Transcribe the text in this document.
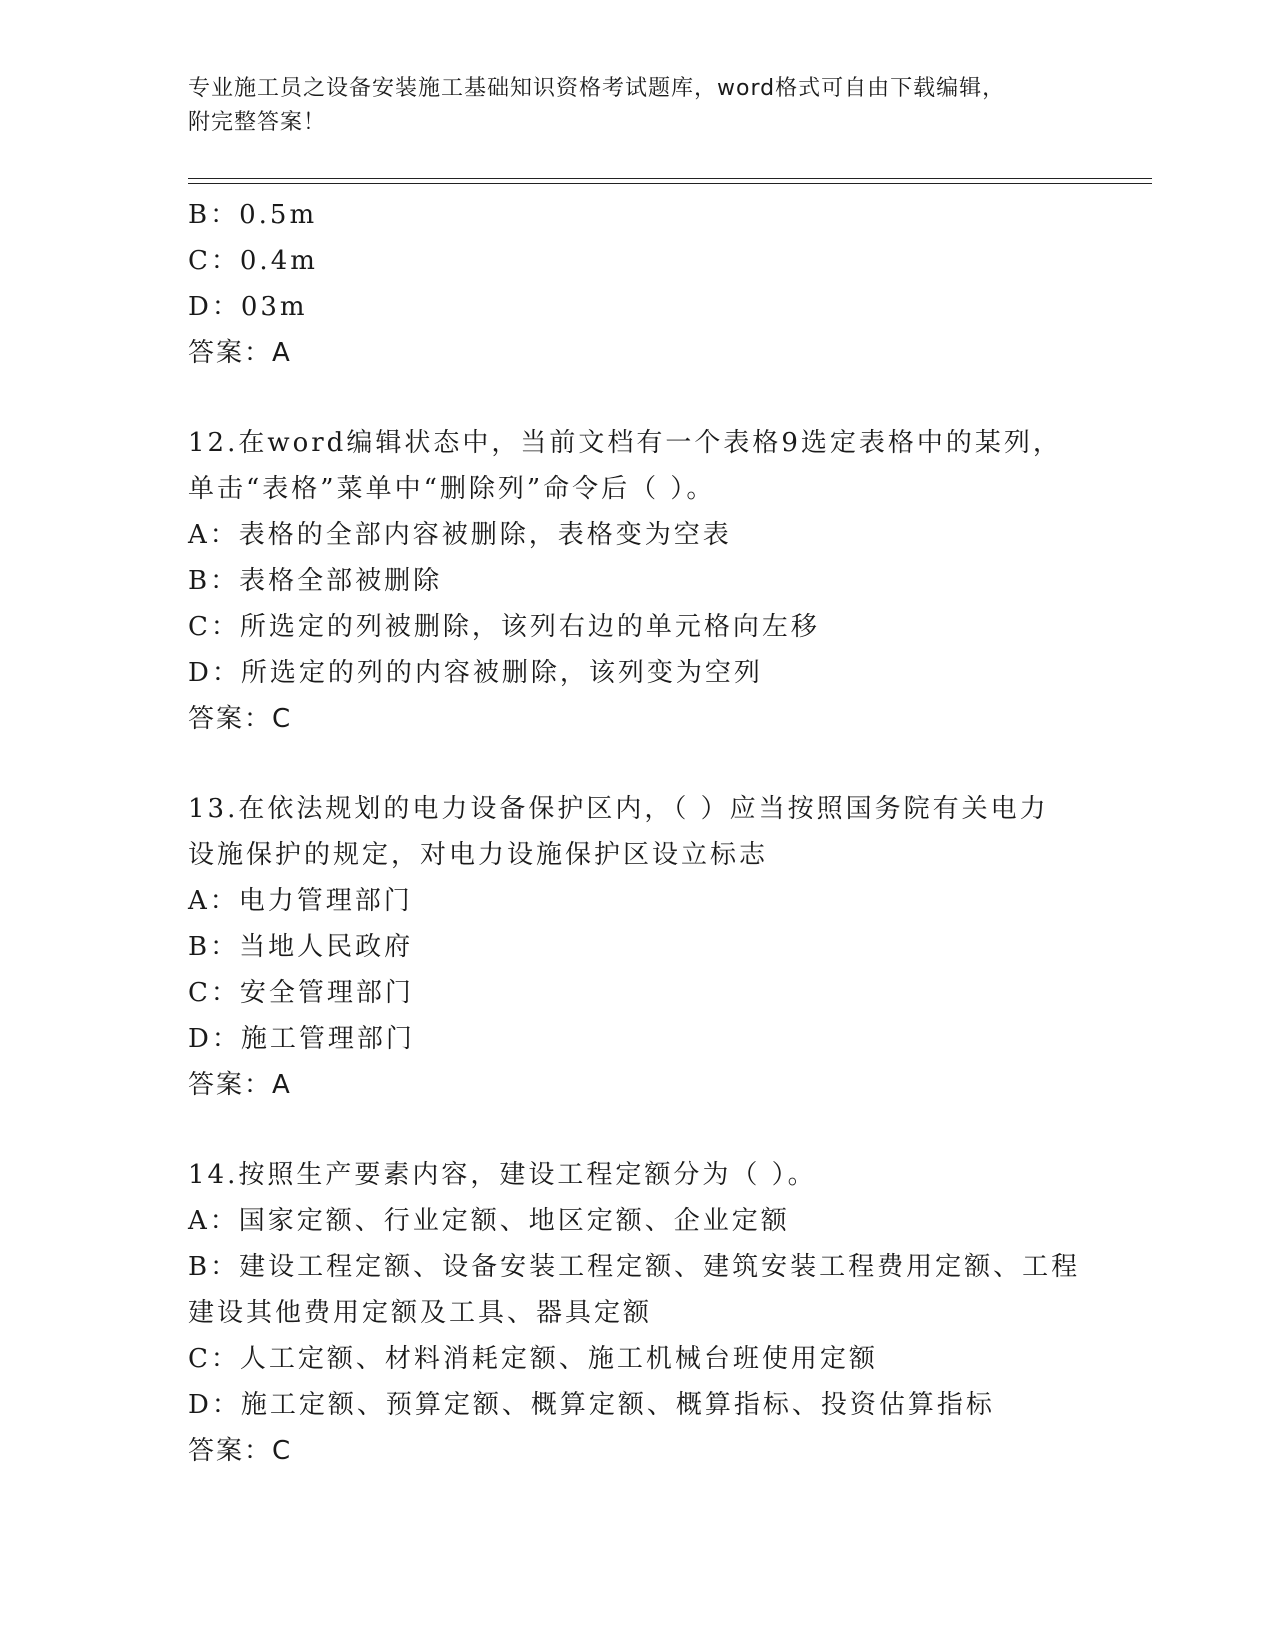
专业施工员之设备安装施工基础知识资格考试题库，word格式可自由下载编辑，
附完整答案！
B：0.5m
C：0.4m
D：03m
答案：A
12.在word编辑状态中，当前文档有一个表格9选定表格中的某列，
单击“表格”菜单中“删除列”命令后（ ）。
A：表格的全部内容被删除，表格变为空表
B：表格全部被删除
C：所选定的列被删除，该列右边的单元格向左移
D：所选定的列的内容被删除，该列变为空列
答案：C
13.在依法规划的电力设备保护区内，（ ）应当按照国务院有关电力
设施保护的规定，对电力设施保护区设立标志
A：电力管理部门
B：当地人民政府
C：安全管理部门
D：施工管理部门
答案：A
14.按照生产要素内容，建设工程定额分为（ ）。
A：国家定额、行业定额、地区定额、企业定额
B：建设工程定额、设备安装工程定额、建筑安装工程费用定额、工程
建设其他费用定额及工具、器具定额
C：人工定额、材料消耗定额、施工机械台班使用定额
D：施工定额、预算定额、概算定额、概算指标、投资估算指标
答案：C
